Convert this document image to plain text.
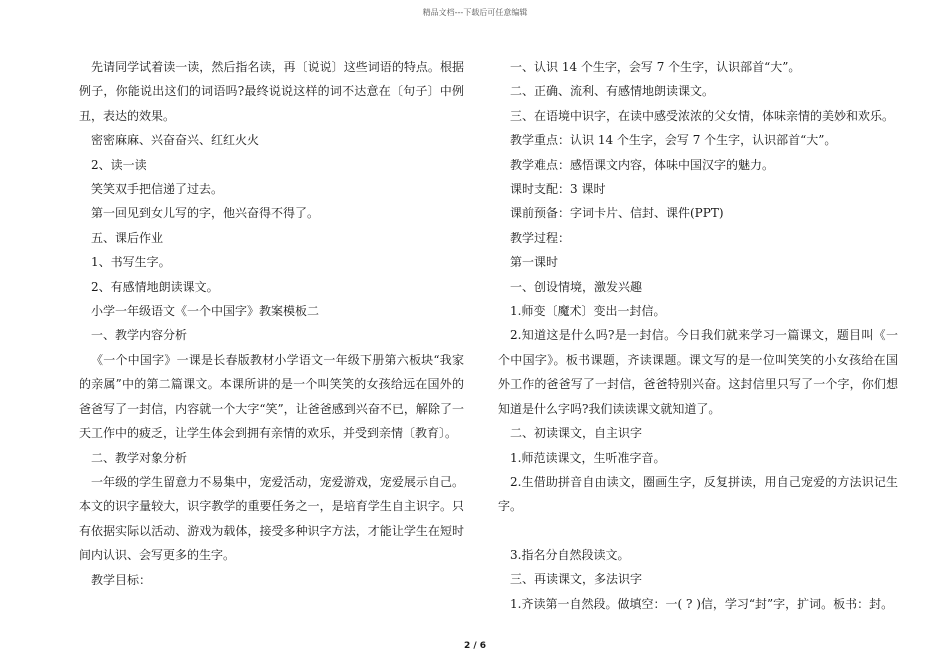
精品文档---下载后可任意编辑

先请同学试着读一读，然后指名读，再〔说说〕这些词语的特点。根据例子，你能说出这们的词语吗?最终说说这样的词不达意在〔句子〕中例丑，表达的效果。

密密麻麻、兴奋奋兴、红红火火

2、读一读

笑笑双手把信递了过去。

第一回见到女儿写的字，他兴奋得不得了。

五、课后作业

1、书写生字。

2、有感情地朗读课文。

小学一年级语文《一个中国字》教案模板二

一、教学内容分析

《一个中国字》一课是长春版教材小学语文一年级下册第六板块“我家的亲属”中的第二篇课文。本课所讲的是一个叫笑笑的女孩给远在国外的爸爸写了一封信，内容就一个大字“笑”，让爸爸感到兴奋不已，解除了一天工作中的疲乏，让学生体会到拥有亲情的欢乐，并受到亲情〔教育〕。

二、教学对象分析

一年级的学生留意力不易集中，宠爱活动，宠爱游戏，宠爱展示自己。本文的识字量较大，识字教学的重要任务之一，是培育学生自主识字。只有依据实际以活动、游戏为载体，接受多种识字方法，才能让学生在短时间内认识、会写更多的生字。

教学目标：

一、认识 14 个生字，会写 7 个生字，认识部首“大”。

二、正确、流利、有感情地朗读课文。

三、在语境中识字，在读中感受浓浓的父女情，体味亲情的美妙和欢乐。

教学重点：认识 14 个生字，会写 7 个生字，认识部首“大”。

教学难点：感悟课文内容，体味中国汉字的魅力。

课时支配：3 课时

课前预备：字词卡片、信封、课件(PPT)

教学过程：

第一课时

一、创设情境，激发兴趣

1.师变〔魔术〕变出一封信。

2.知道这是什么吗?是一封信。今日我们就来学习一篇课文，题目叫《一个中国字》。板书课题，齐读课题。课文写的是一位叫笑笑的小女孩给在国外工作的爸爸写了一封信，爸爸特别兴奋。这封信里只写了一个字，你们想知道是什么字吗?我们读读课文就知道了。

二、初读课文，自主识字

1.师范读课文，生听准字音。

2.生借助拼音自由读文，圈画生字，反复拼读，用自己宠爱的方法识记生字。

3.指名分自然段读文。

三、再读课文，多法识字

1.齐读第一自然段。做填空：一( ? )信，学习“封”字，扩词。板书：封。

2 / 6
